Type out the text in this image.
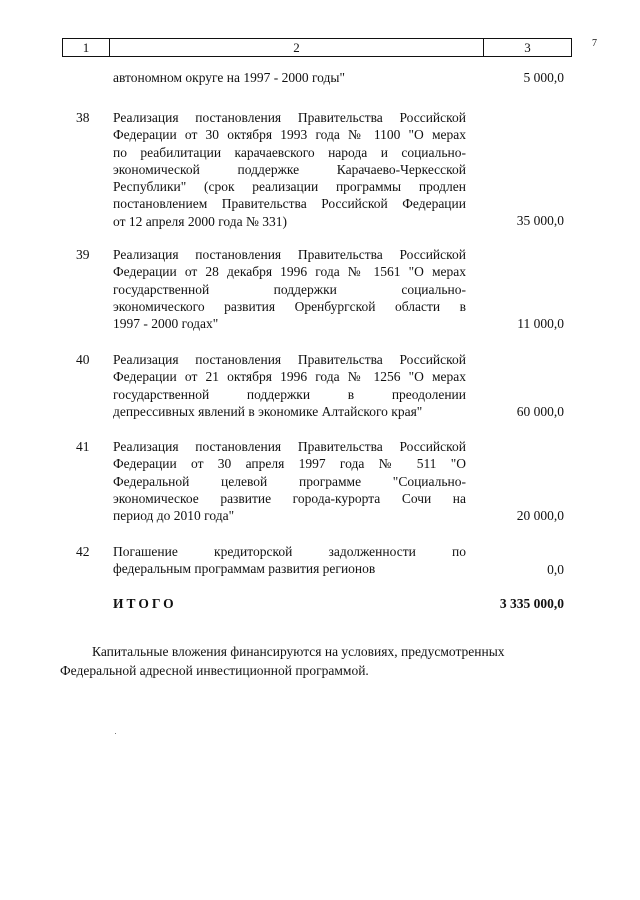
7
1	2	3
автономном округе на 1997 - 2000 годы"	5 000,0
38 Реализация постановления Правительства Российской
Федерации от 30 октября 1993 года № 1100 "О мерах
по реабилитации карачаевского народа и социально-
экономической поддержке Карачаево-Черкесской
Республики" (срок реализации программы продлен
постановлением Правительства Российской Федерации
от 12 апреля 2000 года № 331)	35 000,0
39 Реализация постановления Правительства Российской
Федерации от 28 декабря 1996 года № 1561 "О мерах
государственной поддержки социально-
экономического развития Оренбургской области в
1997 - 2000 годах"	11 000,0
40 Реализация постановления Правительства Российской
Федерации от 21 октября 1996 года № 1256 "О мерах
государственной поддержки в преодолении
депрессивных явлений в экономике Алтайского края"	60 000,0
41 Реализация постановления Правительства Российской
Федерации от 30 апреля 1997 года № 511 "О
Федеральной целевой программе "Социально-
экономическое развитие города-курорта Сочи на
период до 2010 года"	20 000,0
42 Погашение кредиторской задолженности по
федеральным программам развития регионов	0,0
ИТОГО	3 335 000,0
Капитальные вложения финансируются на условиях, предусмотренных
Федеральной адресной инвестиционной программой.
